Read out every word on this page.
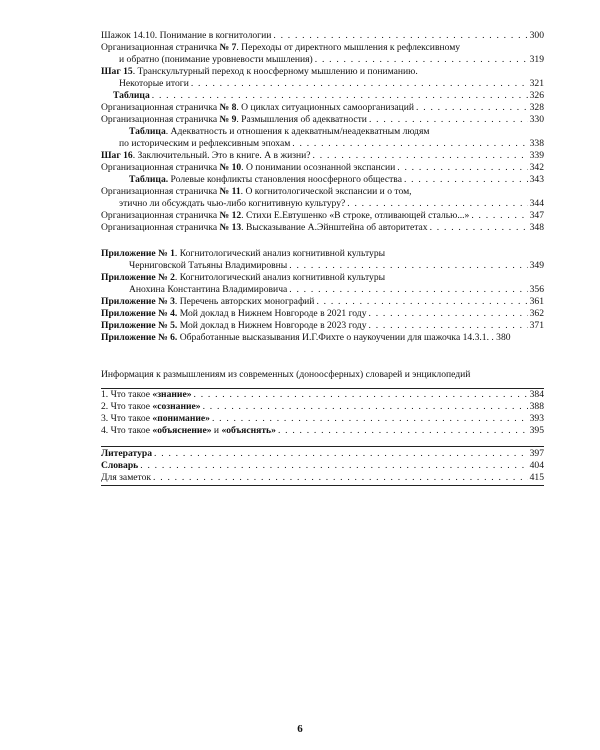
Шажок 14.10. Понимание в когнитологии . . .	300
Организационная страничка № 7. Переходы от директного мышления к рефлексивному
и обратно (понимание уровневости мышления) . . .	319
Шаг 15. Транскультурный переход к ноосферному мышлению и пониманию.
Некоторые итоги . . .	321
Таблица . . .	326
Организационная страничка № 8. О циклах ситуационных самоорганизаций . . .	328
Организационная страничка № 9. Размышления об адекватности . . .	330
Таблица. Адекватность и отношения к адекватным/неадекватным людям
по историческим и рефлексивным эпохам . . .	338
Шаг 16. Заключительный. Это в книге. А в жизни? . . .	339
Организационная страничка № 10. О понимании осознанной экспансии . . .	342
Таблица. Ролевые конфликты становления ноосферного общества . . .	343
Организационная страничка № 11. О когнитологической экспансии и о том,
этично ли обсуждать чью-либо когнитивную культуру? . . .	344
Организационная страничка № 12. Стихи Е.Евтушенко «В строке, отливающей сталью...» . . .	347
Организационная страничка № 13. Высказывание А.Эйнштейна об авторитетах . . .	348
Приложение № 1. Когнитологический анализ когнитивной культуры
Черниговской Татьяны Владимировны . . .	349
Приложение № 2. Когнитологический анализ когнитивной культуры
Анохина Константина Владимировича . . .	356
Приложение № 3. Перечень авторских монографий . . .	361
Приложение № 4. Мой доклад в Нижнем Новгороде в 2021 году . . .	362
Приложение № 5. Мой доклад в Нижнем Новгороде в 2023 году . . .	371
Приложение № 6. Обработанные высказывания И.Г.Фихте о наукоучении для шажочка 14.3.1. . 380
Информация к размышлениям из современных (доноосферных) словарей и энциклопедий
1. Что такое «знание» . . .	384
2. Что такое «сознание» . . .	388
3. Что такое «понимание» . . .	393
4. Что такое «объяснение» и «объяснять» . . .	395
Литература . . .	397
Словарь . . .	404
Для заметок . . .	415
6
